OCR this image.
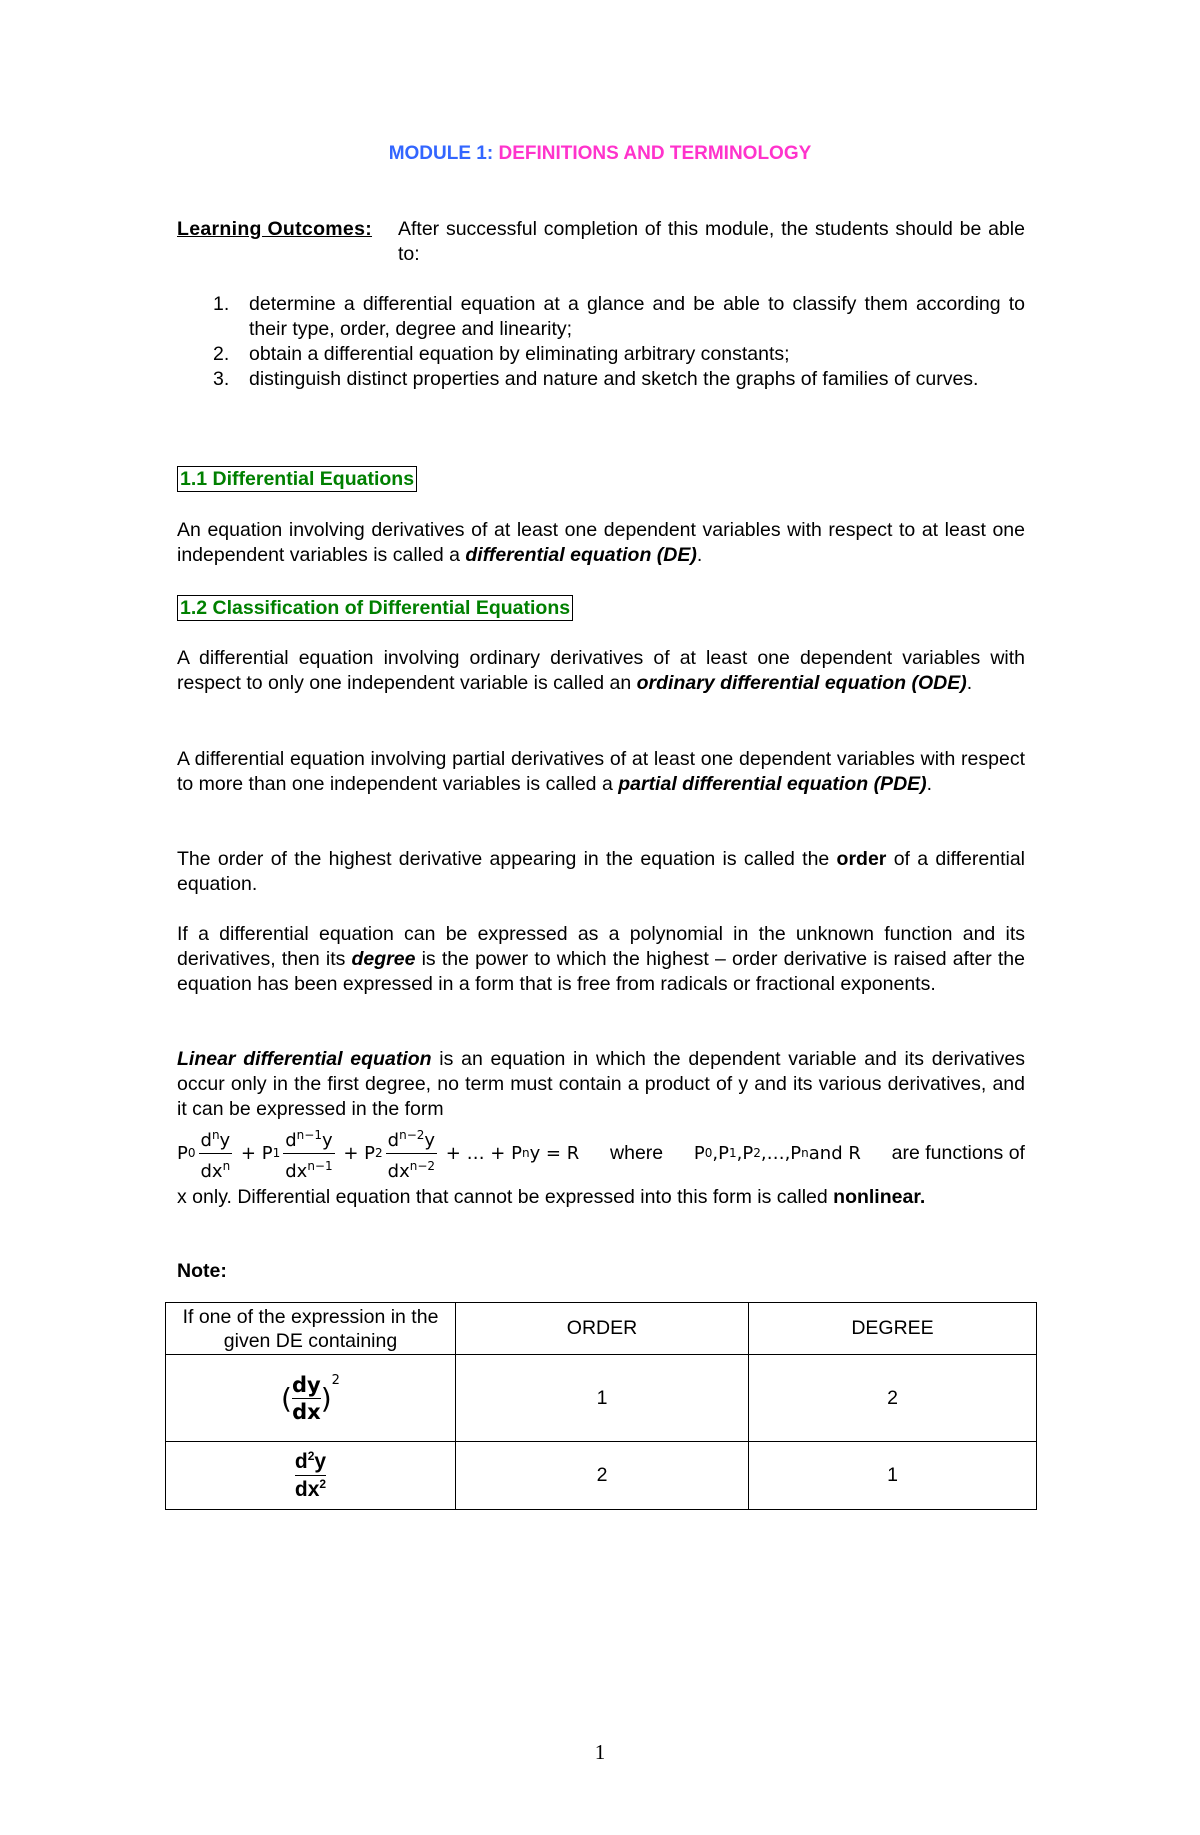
MODULE 1: DEFINITIONS AND TERMINOLOGY
Learning Outcomes:	After successful completion of this module, the students should be able to:
1.	determine a differential equation at a glance and be able to classify them according to their type, order, degree and linearity;
2.	obtain a differential equation by eliminating arbitrary constants;
3.	distinguish distinct properties and nature and sketch the graphs of families of curves.
1.1 Differential Equations
An equation involving derivatives of at least one dependent variables with respect to at least one independent variables is called a differential equation (DE).
1.2 Classification of Differential Equations
A differential equation involving ordinary derivatives of at least one dependent variables with respect to only one independent variable is called an ordinary differential equation (ODE).
A differential equation involving partial derivatives of at least one dependent variables with respect to more than one independent variables is called a partial differential equation (PDE).
The order of the highest derivative appearing in the equation is called the order of a differential equation.
If a differential equation can be expressed as a polynomial in the unknown function and its derivatives, then its degree is the power to which the highest – order derivative is raised after the equation has been expressed in a form that is free from radicals or fractional exponents.
Linear differential equation is an equation in which the dependent variable and its derivatives occur only in the first degree, no term must contain a product of y and its various derivatives, and it can be expressed in the form
P $0 \frac{d^ny}{dx^n} + P$ $1 \frac{d^{n-1}y}{dx^{n-1}} + P$ $2 \frac{d^{n-2}y}{dx^{n-2}}$ + … + P n y = R where P 0 ,P 1 ,P 2 ,…,P n and R are functions of
x only. Differential equation that cannot be expressed into this form is called nonlinear.
Note:
If one of the expression in the given DE containing	ORDER	DEGREE
( dy
dx )
$^2$	1	2

$\frac{d^2y}{dx^2}$	2	1
1
